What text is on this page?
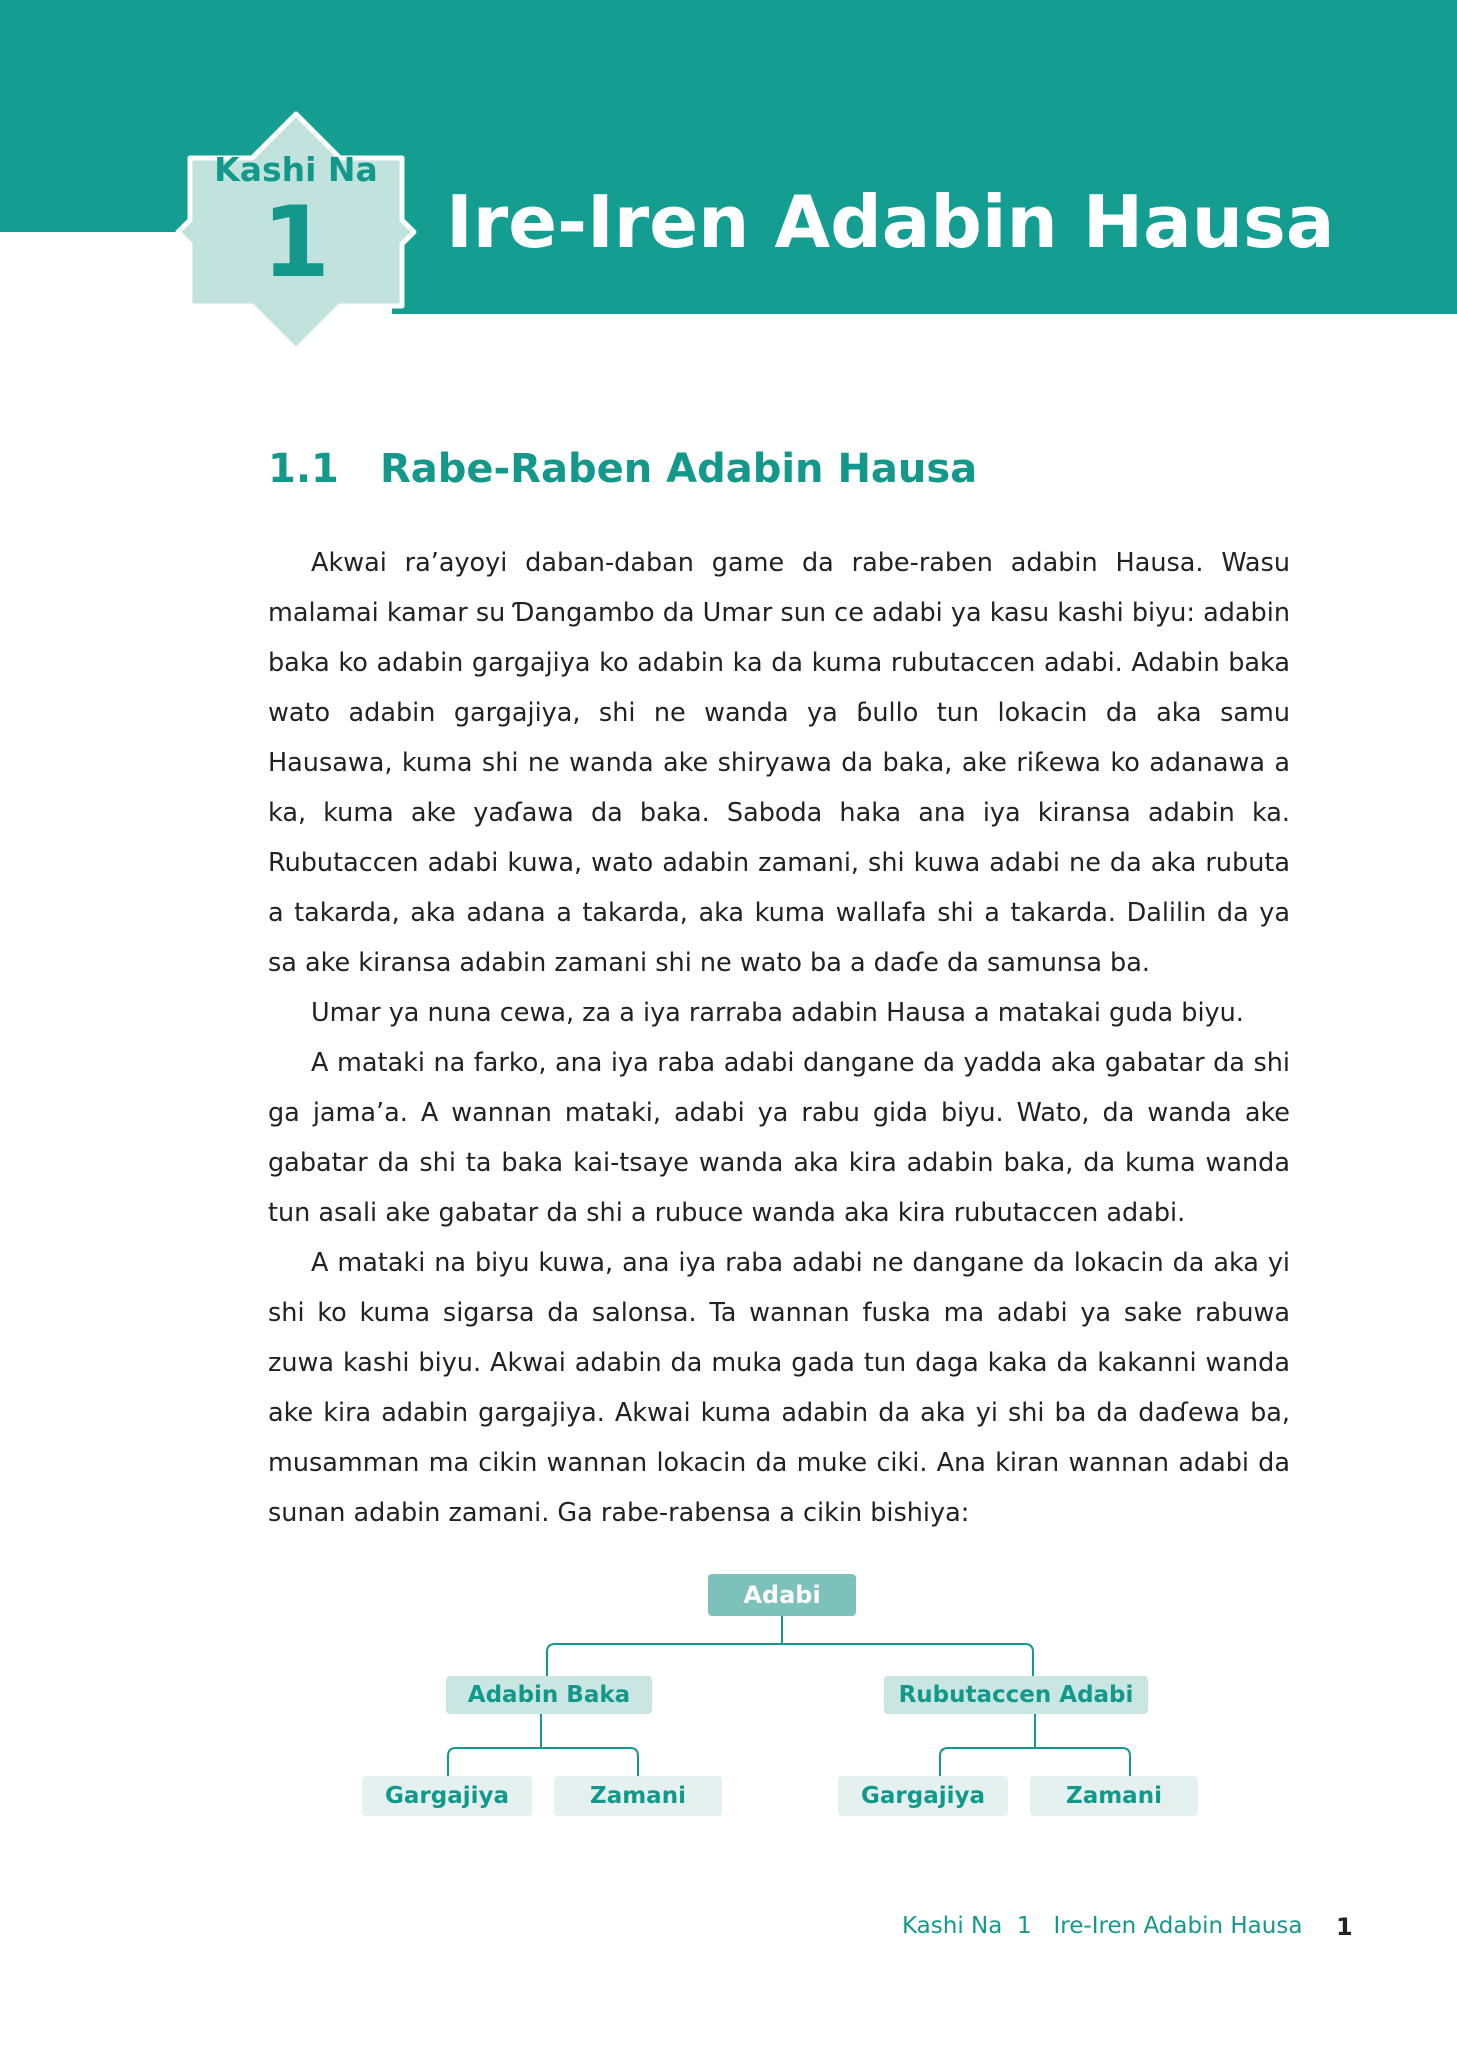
Kashi Na
1	Ire-Iren Adabin Hausa
1.1 Rabe-Raben Adabin Hausa

Akwai ra’ayoyi daban-daban game da rabe-raben adabin Hausa. Wasu malamai kamar su Ɗangambo da Umar sun ce adabi ya kasu kashi biyu: adabin baka ko adabin gargajiya ko adabin ka da kuma rubutaccen adabi. Adabin baka wato adabin gargajiya, shi ne wanda ya ɓullo tun lokacin da aka samu Hausawa, kuma shi ne wanda ake shiryawa da baka, ake riƙewa ko adanawa a ka, kuma ake yaɗawa da baka. Saboda haka ana iya kiransa adabin ka. Rubutaccen adabi kuwa, wato adabin zamani, shi kuwa adabi ne da aka rubuta a takarda, aka adana a takarda, aka kuma wallafa shi a takarda. Dalilin da ya sa ake kiransa adabin zamani shi ne wato ba a daɗe da samunsa ba.

Umar ya nuna cewa, za a iya rarraba adabin Hausa a matakai guda biyu.

A mataki na farko, ana iya raba adabi dangane da yadda aka gabatar da shi ga jama’a. A wannan mataki, adabi ya rabu gida biyu. Wato, da wanda ake gabatar da shi ta baka kai-tsaye wanda aka kira adabin baka, da kuma wanda tun asali ake gabatar da shi a rubuce wanda aka kira rubutaccen adabi.

A mataki na biyu kuwa, ana iya raba adabi ne dangane da lokacin da aka yi shi ko kuma sigarsa da salonsa. Ta wannan fuska ma adabi ya sake rabuwa zuwa kashi biyu. Akwai adabin da muka gada tun daga kaka da kakanni wanda ake kira adabin gargajiya. Akwai kuma adabin da aka yi shi ba da daɗewa ba, musamman ma cikin wannan lokacin da muke ciki. Ana kiran wannan adabi da sunan adabin zamani. Ga rabe-rabensa a cikin bishiya:

Adabi
Adabin Baka	Rubutaccen Adabi
Gargajiya	Zamani	Gargajiya	Zamani
Kashi Na  1   Ire-Iren Adabin Hausa 1
